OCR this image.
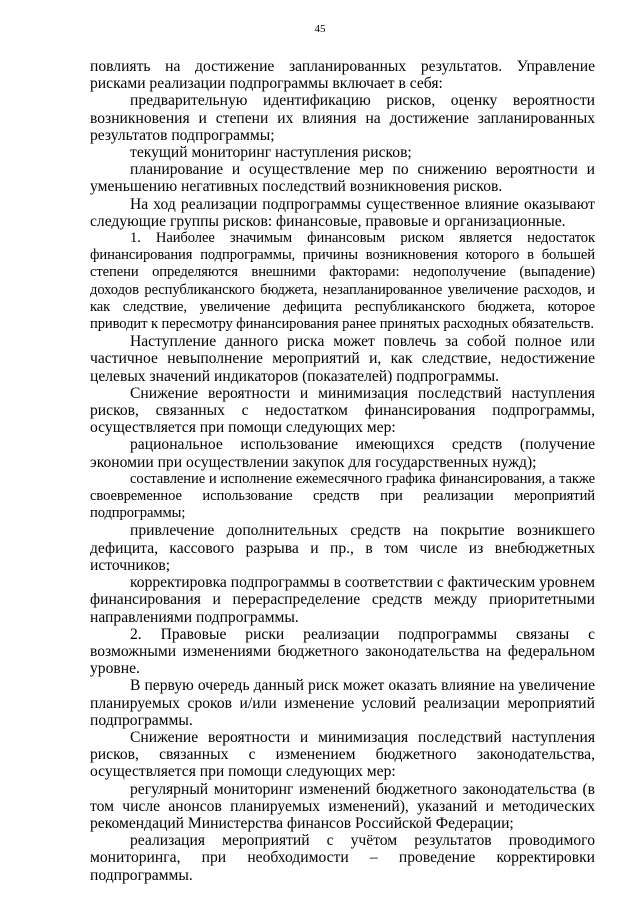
45

повлиять на достижение запланированных результатов. Управление рисками реализации подпрограммы включает в себя:

предварительную идентификацию рисков, оценку вероятности возникновения и степени их влияния на достижение запланированных результатов подпрограммы;

текущий мониторинг наступления рисков;

планирование и осуществление мер по снижению вероятности и уменьшению негативных последствий возникновения рисков.

На ход реализации подпрограммы существенное влияние оказывают следующие группы рисков: финансовые, правовые и организационные.

1. Наиболее значимым финансовым риском является недостаток финансирования подпрограммы, причины возникновения которого в большей степени определяются внешними факторами: недополучение (выпадение) доходов республиканского бюджета, незапланированное увеличение расходов, и как следствие, увеличение дефицита республиканского бюджета, которое приводит к пересмотру финансирования ранее принятых расходных обязательств.

Наступление данного риска может повлечь за собой полное или частичное невыполнение мероприятий и, как следствие, недостижение целевых значений индикаторов (показателей) подпрограммы.

Снижение вероятности и минимизация последствий наступления рисков, связанных с недостатком финансирования подпрограммы, осуществляется при помощи следующих мер:

рациональное использование имеющихся средств (получение экономии при осуществлении закупок для государственных нужд);

составление и исполнение ежемесячного графика финансирования, а также своевременное использование средств при реализации мероприятий подпрограммы;

привлечение дополнительных средств на покрытие возникшего дефицита, кассового разрыва и пр., в том числе из внебюджетных источников;

корректировка подпрограммы в соответствии с фактическим уровнем финансирования и перераспределение средств между приоритетными направлениями подпрограммы.

2. Правовые риски реализации подпрограммы связаны с возможными изменениями бюджетного законодательства на федеральном уровне.

В первую очередь данный риск может оказать влияние на увеличение планируемых сроков и/или изменение условий реализации мероприятий подпрограммы.

Снижение вероятности и минимизация последствий наступления рисков, связанных с изменением бюджетного законодательства, осуществляется при помощи следующих мер:

регулярный мониторинг изменений бюджетного законодательства (в том числе анонсов планируемых изменений), указаний и методических рекомендаций Министерства финансов Российской Федерации;

реализация мероприятий с учётом результатов проводимого мониторинга, при необходимости – проведение корректировки подпрограммы.
